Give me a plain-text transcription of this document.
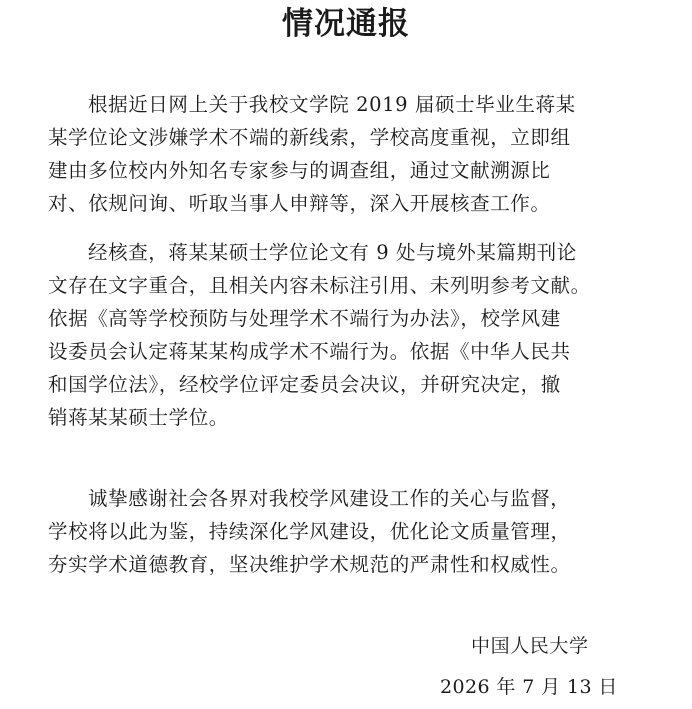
情况通报
根据近日网上关于我校文学院 2019 届硕士毕业生蒋某
某学位论文涉嫌学术不端的新线索，学校高度重视，立即组
建由多位校内外知名专家参与的调查组，通过文献溯源比
对、依规问询、听取当事人申辩等，深入开展核查工作。
经核查，蒋某某硕士学位论文有 9 处与境外某篇期刊论
文存在文字重合，且相关内容未标注引用、未列明参考文献。
依据《高等学校预防与处理学术不端行为办法》，校学风建
设委员会认定蒋某某构成学术不端行为。依据《中华人民共
和国学位法》，经校学位评定委员会决议，并研究决定，撤
销蒋某某硕士学位。
诚挚感谢社会各界对我校学风建设工作的关心与监督，
学校将以此为鉴，持续深化学风建设，优化论文质量管理，
夯实学术道德教育，坚决维护学术规范的严肃性和权威性。

中国人民大学

2026 年 7 月 13 日
